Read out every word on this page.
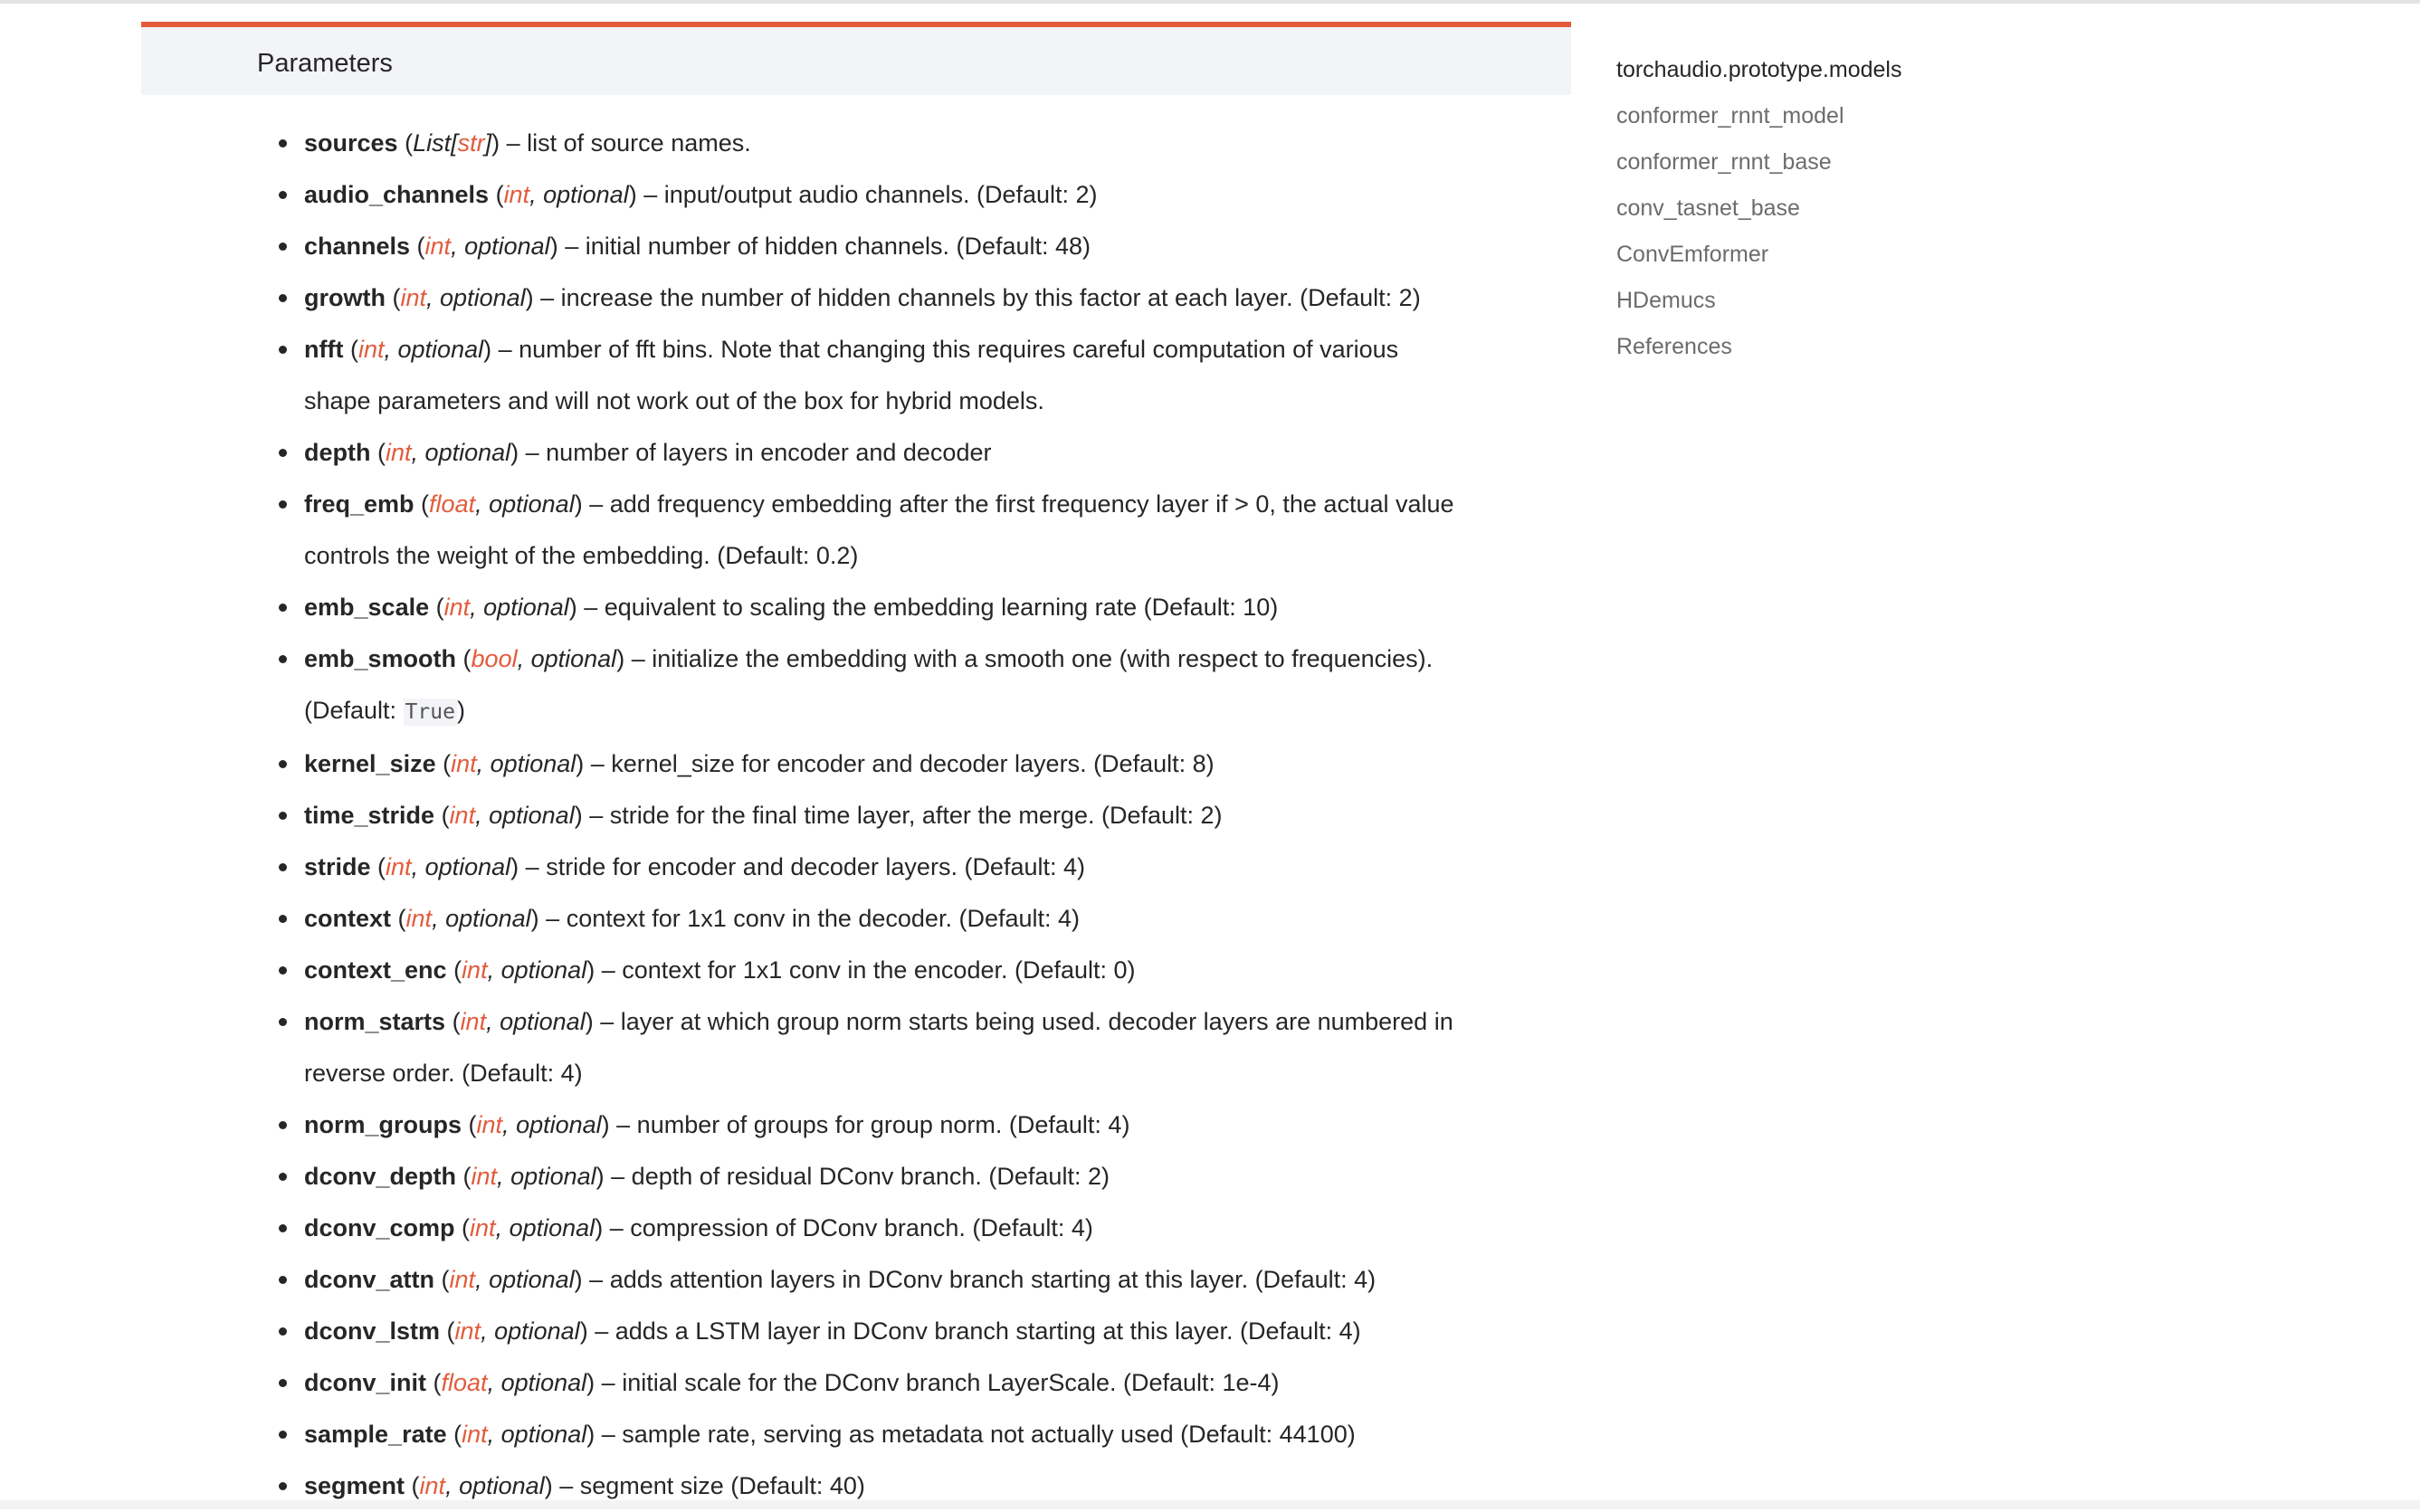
Parameters
sources (List[str]) – list of source names.
audio_channels (int, optional) – input/output audio channels. (Default: 2)
channels (int, optional) – initial number of hidden channels. (Default: 48)
growth (int, optional) – increase the number of hidden channels by this factor at each layer. (Default: 2)
nfft (int, optional) – number of fft bins. Note that changing this requires careful computation of various
shape parameters and will not work out of the box for hybrid models.
depth (int, optional) – number of layers in encoder and decoder
freq_emb (float, optional) – add frequency embedding after the first frequency layer if > 0, the actual value
controls the weight of the embedding. (Default: 0.2)
emb_scale (int, optional) – equivalent to scaling the embedding learning rate (Default: 10)
emb_smooth (bool, optional) – initialize the embedding with a smooth one (with respect to frequencies).
(Default: True)
kernel_size (int, optional) – kernel_size for encoder and decoder layers. (Default: 8)
time_stride (int, optional) – stride for the final time layer, after the merge. (Default: 2)
stride (int, optional) – stride for encoder and decoder layers. (Default: 4)
context (int, optional) – context for 1x1 conv in the decoder. (Default: 4)
context_enc (int, optional) – context for 1x1 conv in the encoder. (Default: 0)
norm_starts (int, optional) – layer at which group norm starts being used. decoder layers are numbered in
reverse order. (Default: 4)
norm_groups (int, optional) – number of groups for group norm. (Default: 4)
dconv_depth (int, optional) – depth of residual DConv branch. (Default: 2)
dconv_comp (int, optional) – compression of DConv branch. (Default: 4)
dconv_attn (int, optional) – adds attention layers in DConv branch starting at this layer. (Default: 4)
dconv_lstm (int, optional) – adds a LSTM layer in DConv branch starting at this layer. (Default: 4)
dconv_init (float, optional) – initial scale for the DConv branch LayerScale. (Default: 1e-4)
sample_rate (int, optional) – sample rate, serving as metadata not actually used (Default: 44100)
segment (int, optional) – segment size (Default: 40)
torchaudio.prototype.models
conformer_rnnt_model
conformer_rnnt_base
conv_tasnet_base
ConvEmformer
HDemucs
References
